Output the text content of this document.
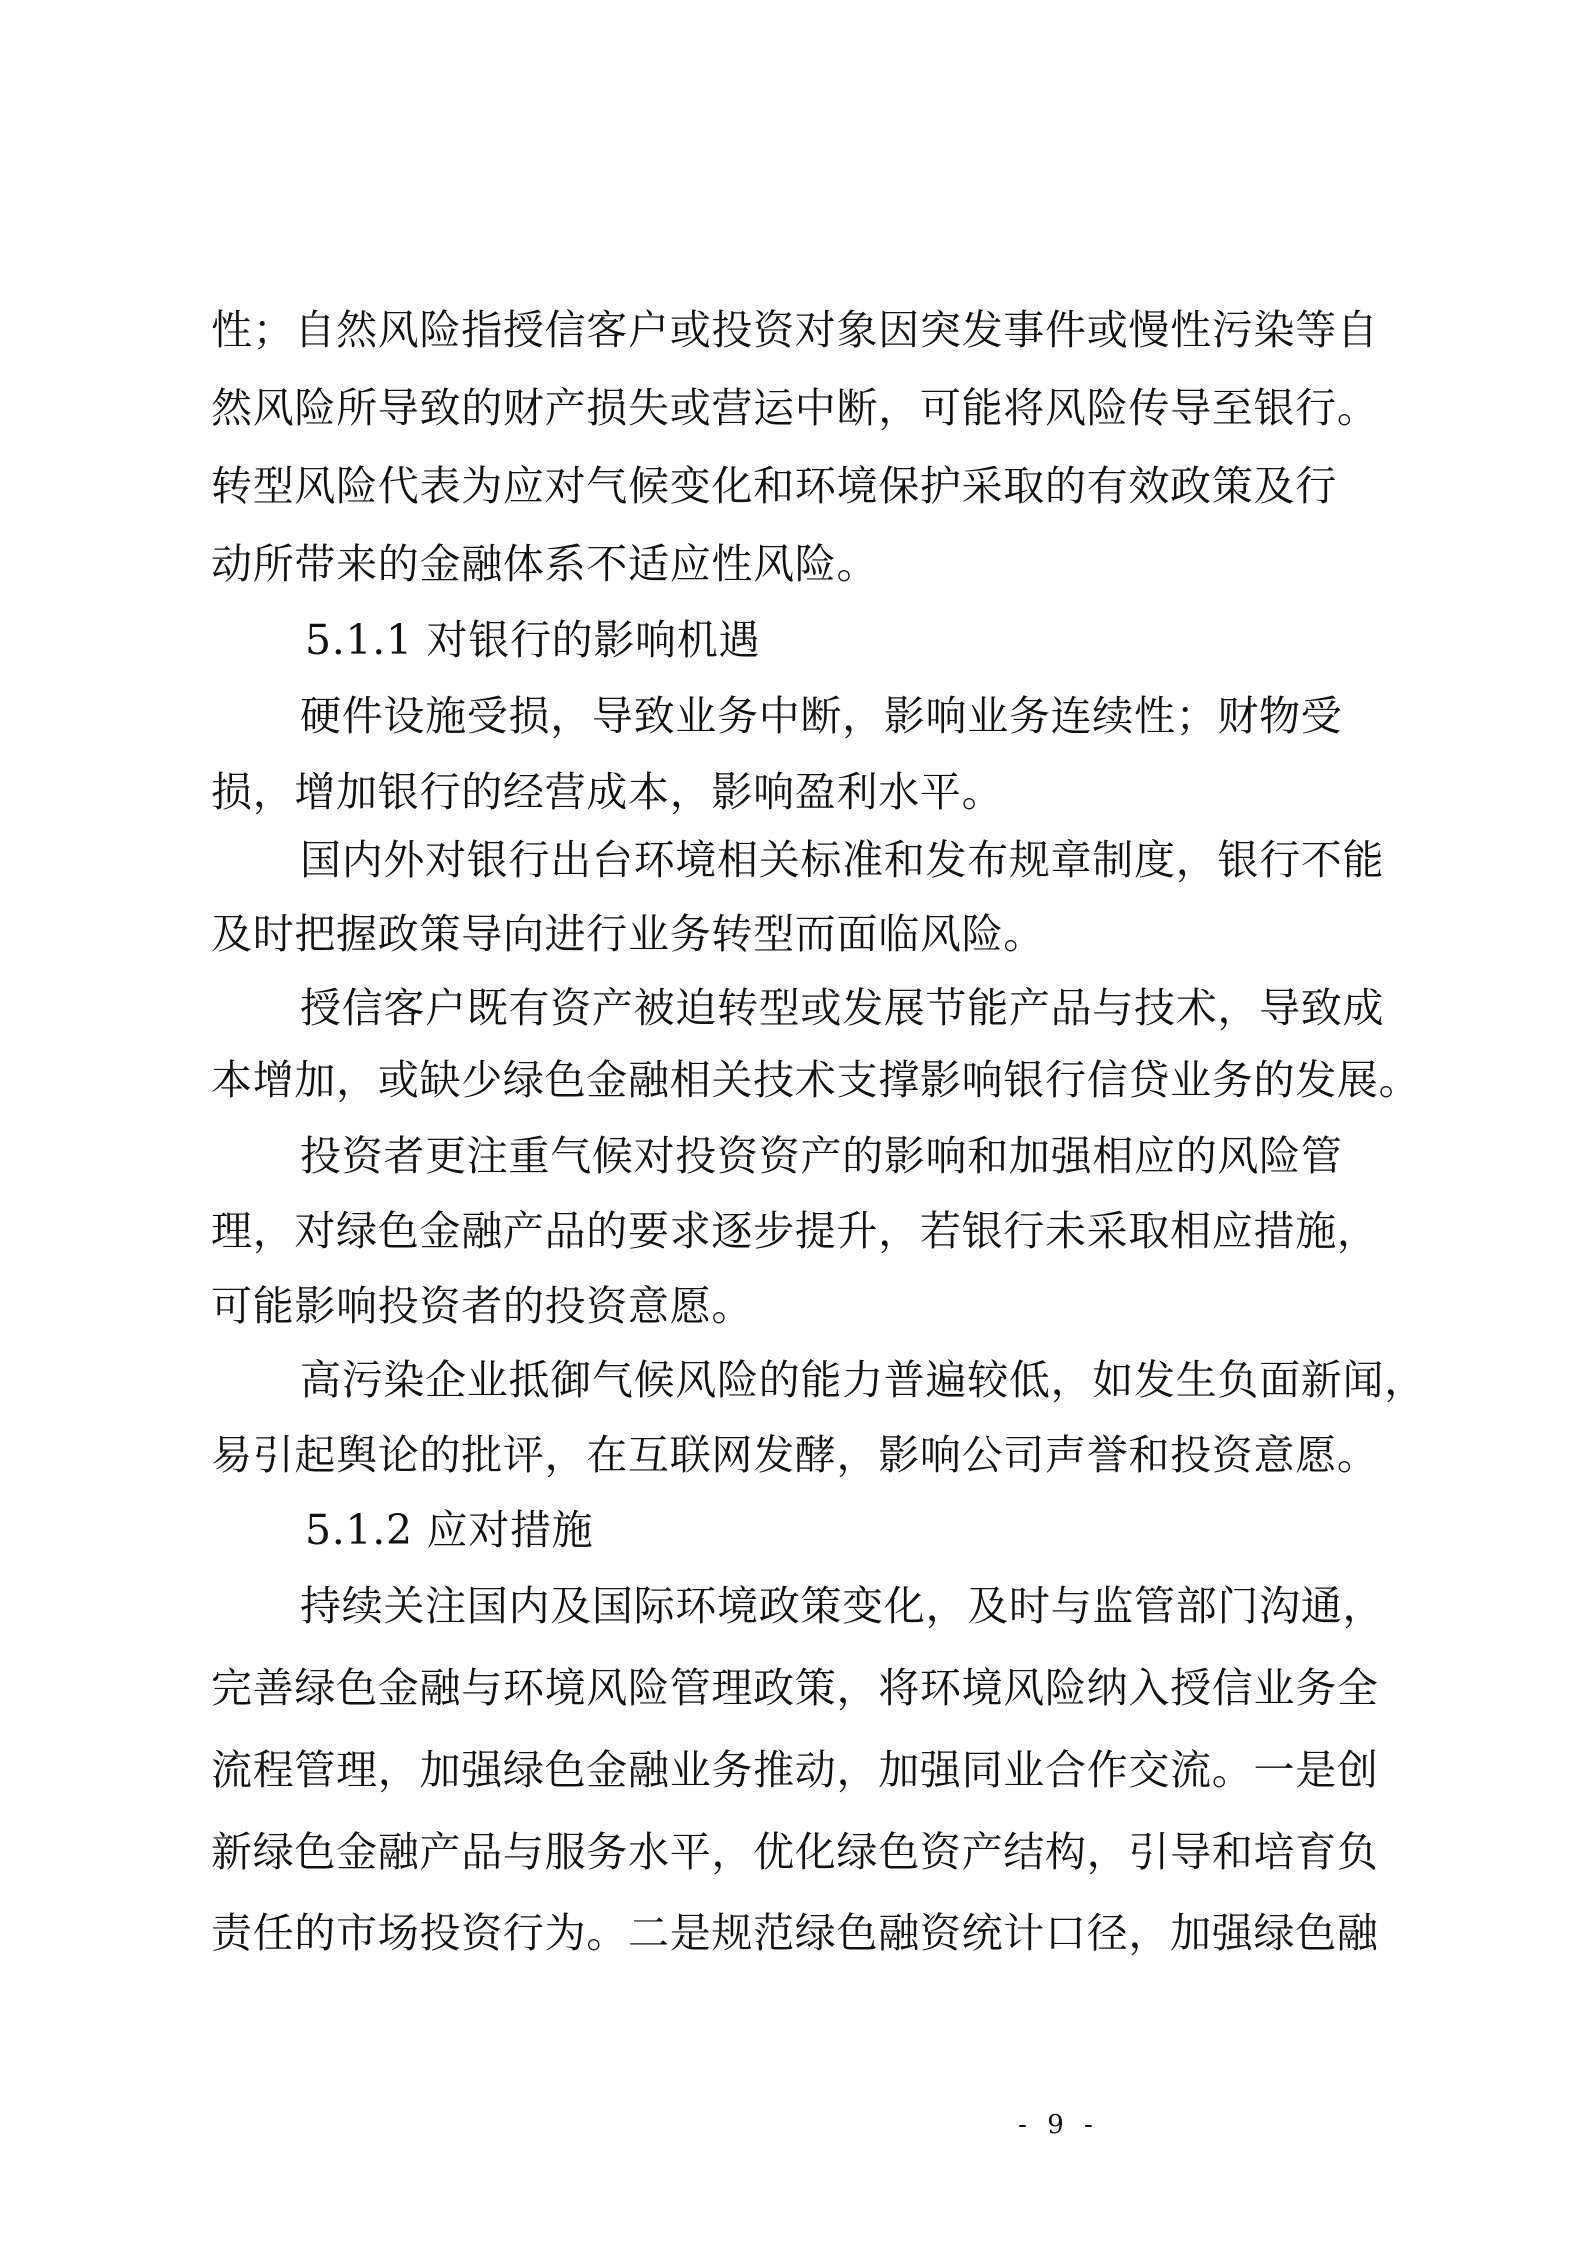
性；自然风险指授信客户或投资对象因突发事件或慢性污染等自
然风险所导致的财产损失或营运中断，可能将风险传导至银行。
转型风险代表为应对气候变化和环境保护采取的有效政策及行
动所带来的金融体系不适应性风险。
5.1.1 对银行的影响机遇
硬件设施受损，导致业务中断，影响业务连续性；财物受
损，增加银行的经营成本，影响盈利水平。
国内外对银行出台环境相关标准和发布规章制度，银行不能
及时把握政策导向进行业务转型而面临风险。
授信客户既有资产被迫转型或发展节能产品与技术，导致成
本增加，或缺少绿色金融相关技术支撑影响银行信贷业务的发展。
投资者更注重气候对投资资产的影响和加强相应的风险管
理，对绿色金融产品的要求逐步提升，若银行未采取相应措施，
可能影响投资者的投资意愿。
高污染企业抵御气候风险的能力普遍较低，如发生负面新闻，
易引起舆论的批评，在互联网发酵，影响公司声誉和投资意愿。
5.1.2 应对措施
持续关注国内及国际环境政策变化，及时与监管部门沟通，
完善绿色金融与环境风险管理政策，将环境风险纳入授信业务全
流程管理，加强绿色金融业务推动，加强同业合作交流。一是创
新绿色金融产品与服务水平，优化绿色资产结构，引导和培育负
责任的市场投资行为。二是规范绿色融资统计口径，加强绿色融
- 9 -
